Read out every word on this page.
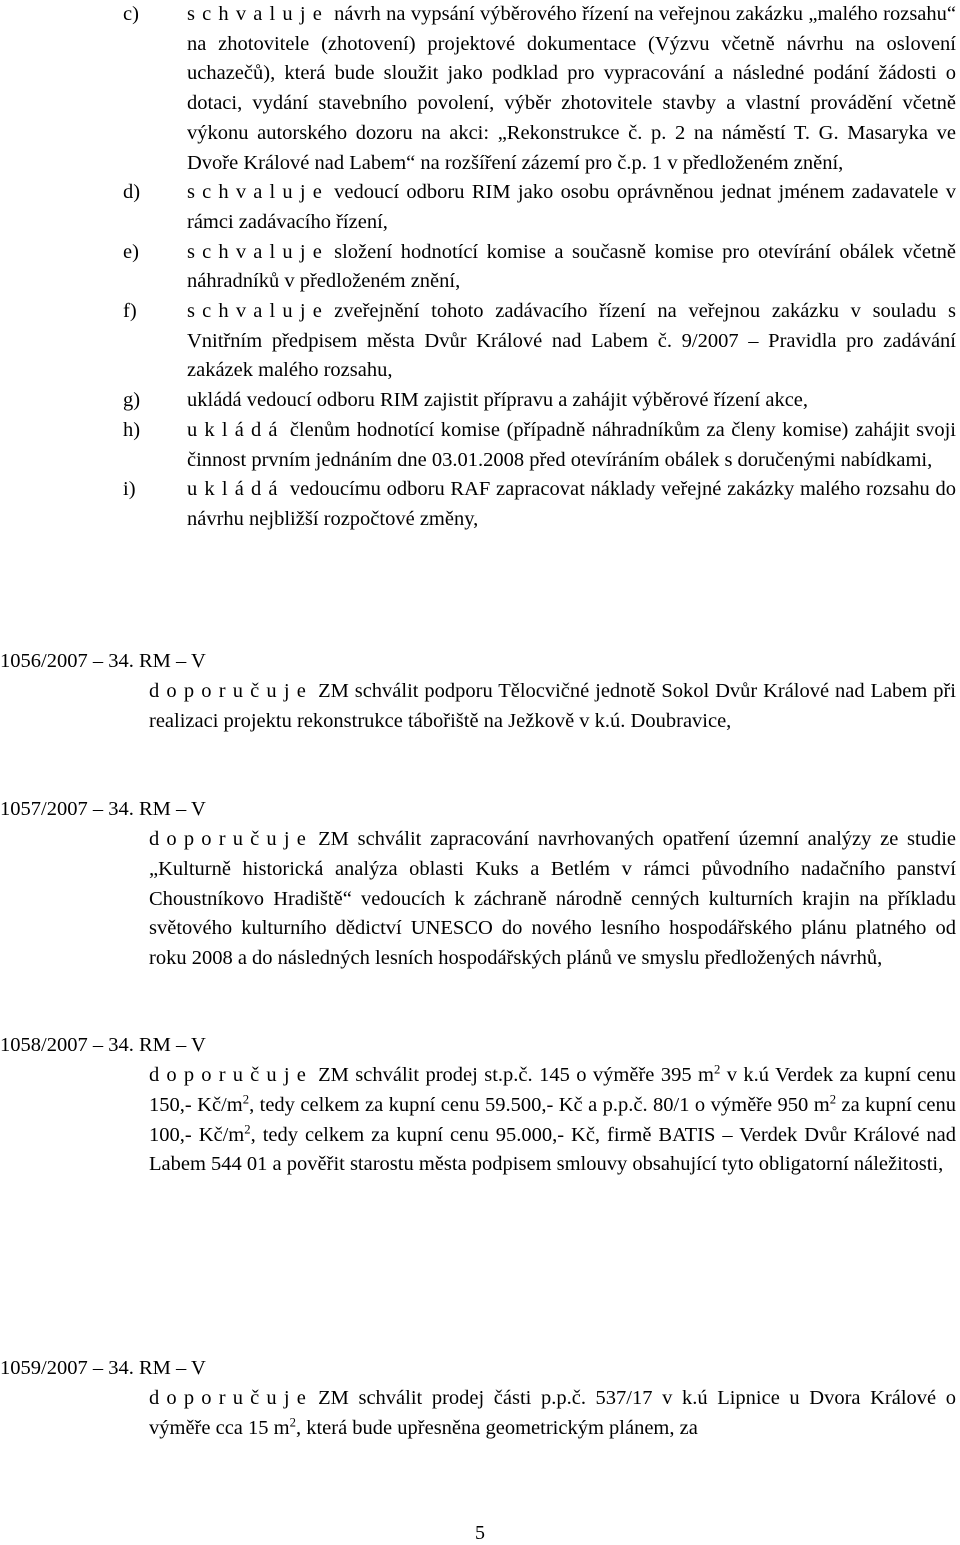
c) schvaluje návrh na vypsání výběrového řízení na veřejnou zakázku „malého rozsahu“ na zhotovitele (zhotovení) projektové dokumentace (Výzvu včetně návrhu na oslovení uchazečů), která bude sloužit jako podklad pro vypracování a následné podání žádosti o dotaci, vydání stavebního povolení, výběr zhotovitele stavby a vlastní provádění včetně výkonu autorského dozoru na akci: „Rekonstrukce č. p. 2 na náměstí T. G. Masaryka ve Dvoře Králové nad Labem“ na rozšíření zázemí pro č.p. 1 v předloženém znění,
d) schvaluje vedoucí odboru RIM jako osobu oprávněnou jednat jménem zadavatele v rámci zadávacího řízení,
e) schvaluje složení hodnotící komise a současně komise pro otevírání obálek včetně náhradníků v předloženém znění,
f) schvaluje zveřejnění tohoto zadávacího řízení na veřejnou zakázku v souladu s Vnitřním předpisem města Dvůr Králové nad Labem č. 9/2007 – Pravidla pro zadávání zakázek malého rozsahu,
g) ukládá vedoucí odboru RIM zajistit přípravu a zahájit výběrové řízení akce,
h) ukládá členům hodnotící komise (případně náhradníkům za členy komise) zahájit svoji činnost prvním jednáním dne 03.01.2008 před otevíráním obálek s doručenými nabídkami,
i)	ukládá vedoucímu odboru RAF zapracovat náklady veřejné zakázky malého rozsahu do návrhu nejbližší rozpočtové změny,
1056/2007 – 34. RM – V
doporučuje ZM schválit podporu Tělocvičné jednotě Sokol Dvůr Králové nad Labem při realizaci projektu rekonstrukce tábořiště na Ježkově v k.ú. Doubravice,
1057/2007 – 34. RM – V
doporučuje ZM schválit zapracování navrhovaných opatření územní analýzy ze studie „Kulturně historická analýza oblasti Kuks a Betlém v rámci původního nadačního panství Choustníkovo Hradiště“ vedoucích k záchraně národně cenných kulturních krajin na příkladu světového kulturního dědictví UNESCO do nového lesního hospodářského plánu platného od roku 2008 a do následných lesních hospodářských plánů ve smyslu předložených návrhů,
1058/2007 – 34. RM – V
doporučuje ZM schválit prodej st.p.č. 145 o výměře 395 $m^2$ v k.ú Verdek za kupní cenu 150,- $Kč/m^2$, tedy celkem za kupní cenu 59.500,- Kč a p.p.č. 80/1 o výměře 950 $m^2$ za kupní cenu 100,- $Kč/m^2$, tedy celkem za kupní cenu 95.000,- Kč, firmě BATIS – Verdek Dvůr Králové nad Labem 544 01 a pověřit starostu města podpisem smlouvy obsahující tyto obligatorní náležitosti,
1059/2007 – 34. RM – V
doporučuje ZM schválit prodej části p.p.č. 537/17 v k.ú Lipnice u Dvora Králové o výměře cca 15 $m^2$, která bude upřesněna geometrickým plánem, za
5
